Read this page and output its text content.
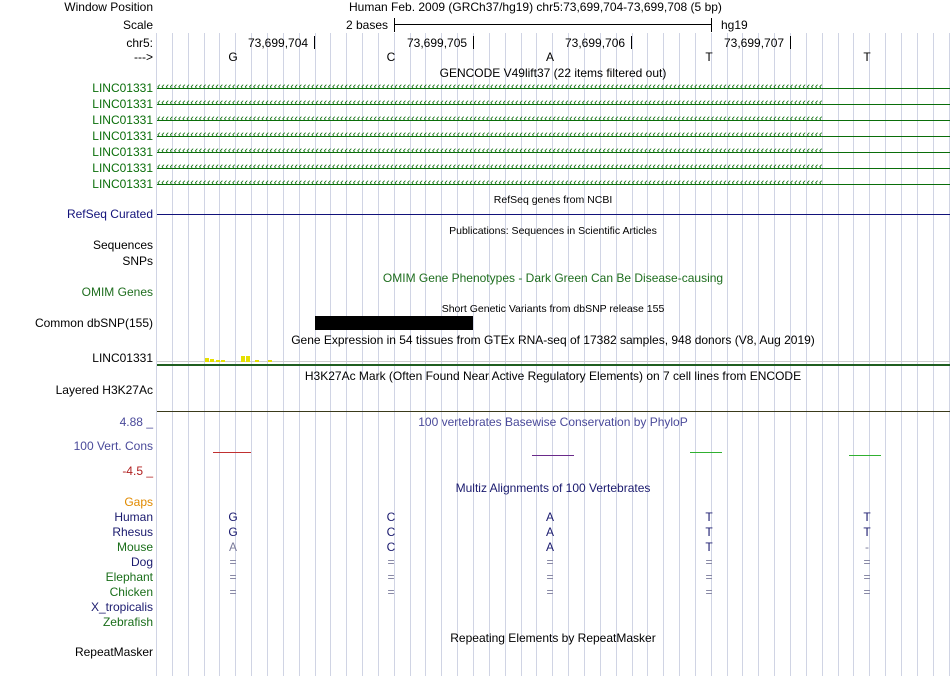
Window Position	Human Feb. 2009 (GRCh37/hg19) chr5:73,699,704-73,699,708 (5 bp)
Scale	2 bases	hg19
chr5:	73,699,704	73,699,705	73,699,706	73,699,707
--->	G	C	A	T	T
GENCODE V49lift37 (22 items filtered out)
LINC01331 ‹‹‹‹‹‹‹‹‹‹‹‹‹‹‹‹‹‹‹‹‹‹‹‹‹‹‹‹‹‹‹‹‹‹‹‹‹‹‹‹‹‹‹‹‹‹‹‹‹‹‹‹‹‹‹‹‹‹‹‹‹‹‹‹‹‹‹‹‹‹‹‹‹‹‹‹‹‹‹‹‹‹‹‹‹‹‹‹‹‹‹‹‹‹‹‹‹‹‹‹‹‹‹‹‹‹‹‹‹‹‹‹‹‹‹‹‹‹‹‹‹‹‹‹‹‹‹‹‹‹‹‹‹‹‹‹‹‹‹‹‹‹‹‹‹‹‹‹‹‹‹‹‹‹‹‹‹‹‹‹
LINC01331 ‹‹‹‹‹‹‹‹‹‹‹‹‹‹‹‹‹‹‹‹‹‹‹‹‹‹‹‹‹‹‹‹‹‹‹‹‹‹‹‹‹‹‹‹‹‹‹‹‹‹‹‹‹‹‹‹‹‹‹‹‹‹‹‹‹‹‹‹‹‹‹‹‹‹‹‹‹‹‹‹‹‹‹‹‹‹‹‹‹‹‹‹‹‹‹‹‹‹‹‹‹‹‹‹‹‹‹‹‹‹‹‹‹‹‹‹‹‹‹‹‹‹‹‹‹‹‹‹‹‹‹‹‹‹‹‹‹‹‹‹‹‹‹‹‹‹‹‹‹‹‹‹‹‹‹‹‹‹‹‹
LINC01331 ‹‹‹‹‹‹‹‹‹‹‹‹‹‹‹‹‹‹‹‹‹‹‹‹‹‹‹‹‹‹‹‹‹‹‹‹‹‹‹‹‹‹‹‹‹‹‹‹‹‹‹‹‹‹‹‹‹‹‹‹‹‹‹‹‹‹‹‹‹‹‹‹‹‹‹‹‹‹‹‹‹‹‹‹‹‹‹‹‹‹‹‹‹‹‹‹‹‹‹‹‹‹‹‹‹‹‹‹‹‹‹‹‹‹‹‹‹‹‹‹‹‹‹‹‹‹‹‹‹‹‹‹‹‹‹‹‹‹‹‹‹‹‹‹‹‹‹‹‹‹‹‹‹‹‹‹‹‹‹‹
LINC01331 ‹‹‹‹‹‹‹‹‹‹‹‹‹‹‹‹‹‹‹‹‹‹‹‹‹‹‹‹‹‹‹‹‹‹‹‹‹‹‹‹‹‹‹‹‹‹‹‹‹‹‹‹‹‹‹‹‹‹‹‹‹‹‹‹‹‹‹‹‹‹‹‹‹‹‹‹‹‹‹‹‹‹‹‹‹‹‹‹‹‹‹‹‹‹‹‹‹‹‹‹‹‹‹‹‹‹‹‹‹‹‹‹‹‹‹‹‹‹‹‹‹‹‹‹‹‹‹‹‹‹‹‹‹‹‹‹‹‹‹‹‹‹‹‹‹‹‹‹‹‹‹‹‹‹‹‹‹‹‹‹
LINC01331 ‹‹‹‹‹‹‹‹‹‹‹‹‹‹‹‹‹‹‹‹‹‹‹‹‹‹‹‹‹‹‹‹‹‹‹‹‹‹‹‹‹‹‹‹‹‹‹‹‹‹‹‹‹‹‹‹‹‹‹‹‹‹‹‹‹‹‹‹‹‹‹‹‹‹‹‹‹‹‹‹‹‹‹‹‹‹‹‹‹‹‹‹‹‹‹‹‹‹‹‹‹‹‹‹‹‹‹‹‹‹‹‹‹‹‹‹‹‹‹‹‹‹‹‹‹‹‹‹‹‹‹‹‹‹‹‹‹‹‹‹‹‹‹‹‹‹‹‹‹‹‹‹‹‹‹‹‹‹‹‹
LINC01331 ‹‹‹‹‹‹‹‹‹‹‹‹‹‹‹‹‹‹‹‹‹‹‹‹‹‹‹‹‹‹‹‹‹‹‹‹‹‹‹‹‹‹‹‹‹‹‹‹‹‹‹‹‹‹‹‹‹‹‹‹‹‹‹‹‹‹‹‹‹‹‹‹‹‹‹‹‹‹‹‹‹‹‹‹‹‹‹‹‹‹‹‹‹‹‹‹‹‹‹‹‹‹‹‹‹‹‹‹‹‹‹‹‹‹‹‹‹‹‹‹‹‹‹‹‹‹‹‹‹‹‹‹‹‹‹‹‹‹‹‹‹‹‹‹‹‹‹‹‹‹‹‹‹‹‹‹‹‹‹‹
LINC01331 ‹‹‹‹‹‹‹‹‹‹‹‹‹‹‹‹‹‹‹‹‹‹‹‹‹‹‹‹‹‹‹‹‹‹‹‹‹‹‹‹‹‹‹‹‹‹‹‹‹‹‹‹‹‹‹‹‹‹‹‹‹‹‹‹‹‹‹‹‹‹‹‹‹‹‹‹‹‹‹‹‹‹‹‹‹‹‹‹‹‹‹‹‹‹‹‹‹‹‹‹‹‹‹‹‹‹‹‹‹‹‹‹‹‹‹‹‹‹‹‹‹‹‹‹‹‹‹‹‹‹‹‹‹‹‹‹‹‹‹‹‹‹‹‹‹‹‹‹‹‹‹‹‹‹‹‹‹‹‹‹
RefSeq genes from NCBI
RefSeq Curated
Publications: Sequences in Scientific Articles
Sequences
SNPs
OMIM Gene Phenotypes - Dark Green Can Be Disease-causing
OMIM Genes
Short Genetic Variants from dbSNP release 155
Common dbSNP(155)
Gene Expression in 54 tissues from GTEx RNA-seq of 17382 samples, 948 donors (V8, Aug 2019)
LINC01331
H3K27Ac Mark (Often Found Near Active Regulatory Elements) on 7 cell lines from ENCODE
Layered H3K27Ac
4.88 _	100 vertebrates Basewise Conservation by PhyloP
100 Vert. Cons
-4.5 _
Multiz Alignments of 100 Vertebrates
Gaps
Human	G	C	A	T	T
Rhesus	G	C	A	T	T
Mouse	A	C	A	T	-
Dog	=	=	=	=	=
Elephant	=	=	=	=	=
Chicken	=	=	=	=	=
X_tropicalis
Zebrafish
Repeating Elements by RepeatMasker
RepeatMasker
